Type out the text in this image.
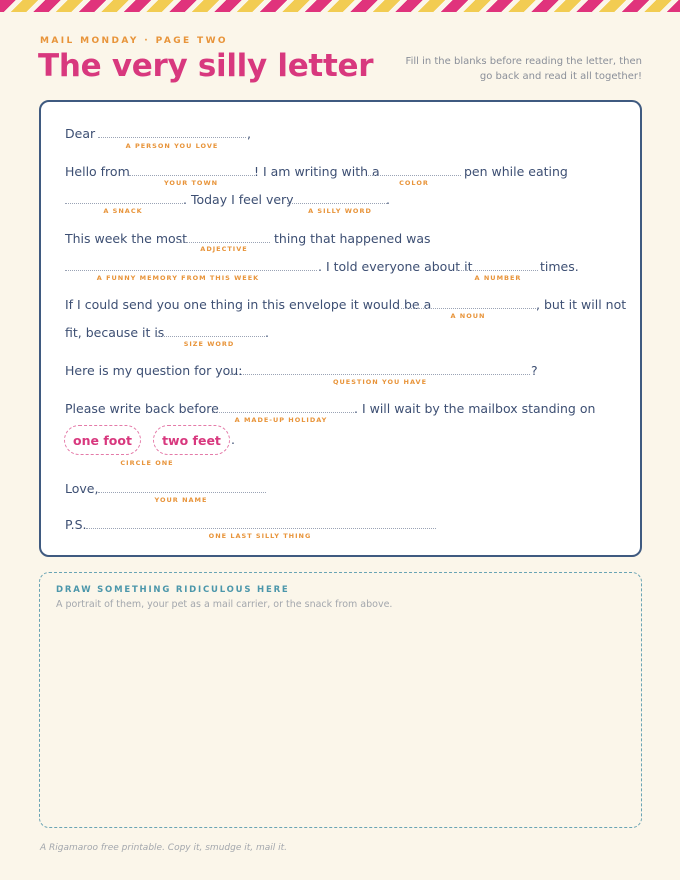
MAIL MONDAY · PAGE TWO
The very silly letter	Fill in the blanks before reading the letter, then go back and read it all together!
Dear	,
A PERSON YOU LOVE
Hello from	! I am writing with a	pen while eating
YOUR TOWN	COLOR
. Today I feel very	.
A SNACK	A SILLY WORD
This week the most	thing that happened was
ADJECTIVE
. I told everyone about it	times.
A FUNNY MEMORY FROM THIS WEEK	A NUMBER
If I could send you one thing in this envelope it would be a	, but it will not
A NOUN
fit, because it is	.
SIZE WORD
Here is my question for you:	?
QUESTION YOU HAVE
Please write back before	. I will wait by the mailbox standing on
A MADE-UP HOLIDAY
one foot	two feet .
CIRCLE ONE
Love,
YOUR NAME
P.S.
ONE LAST SILLY THING
DRAW SOMETHING RIDICULOUS HERE
A portrait of them, your pet as a mail carrier, or the snack from above.
A Rigamaroo free printable. Copy it, smudge it, mail it.
